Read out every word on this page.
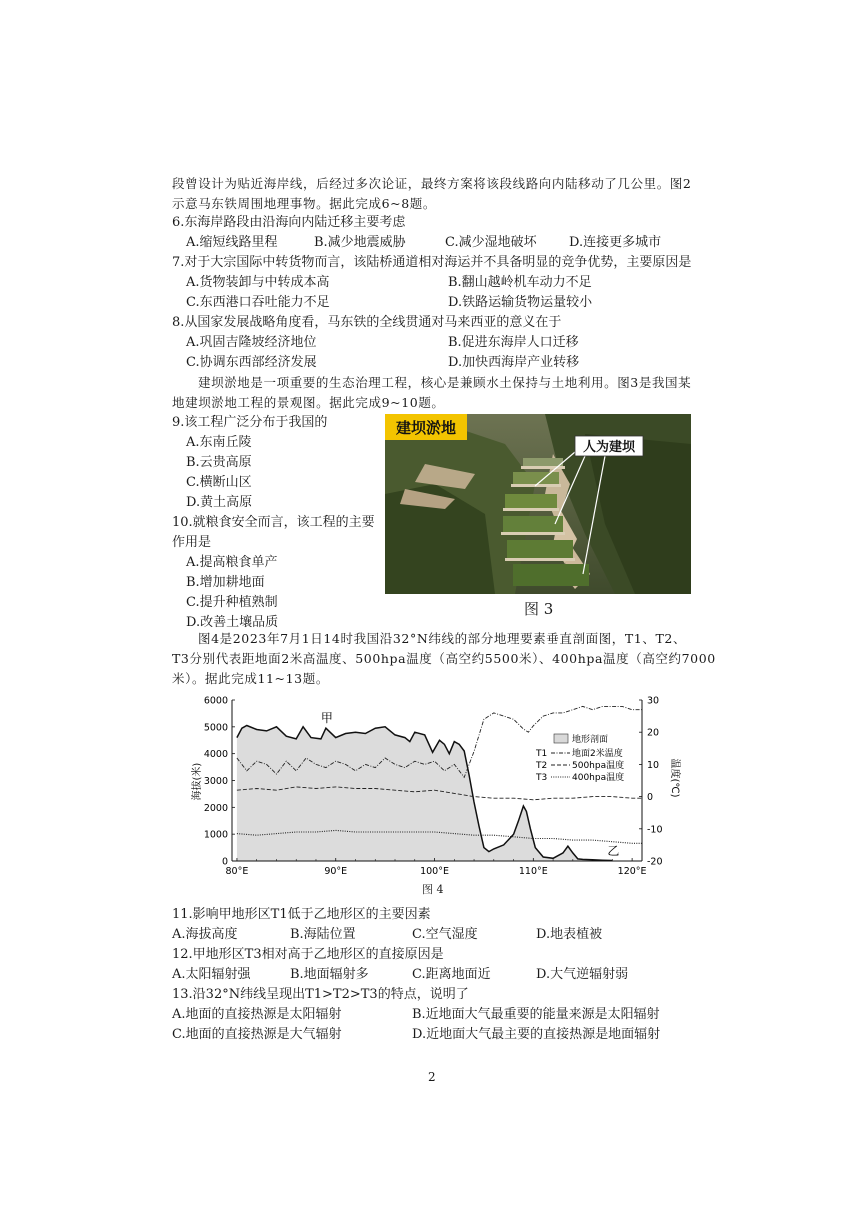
段曾设计为贴近海岸线，后经过多次论证，最终方案将该段线路向内陆移动了几公里。图2
示意马东铁周围地理事物。据此完成6~8题。
6.东海岸路段由沿海向内陆迁移主要考虑
A.缩短线路里程	B.减少地震威胁	C.减少湿地破坏 D.连接更多城市
7.对于大宗国际中转货物而言，该陆桥通道相对海运并不具备明显的竞争优势，主要原因是
A.货物装卸与中转成本高	B.翻山越岭机车动力不足
C.东西港口吞吐能力不足	D.铁路运输货物运量较小
8.从国家发展战略角度看，马东铁的全线贯通对马来西亚的意义在于
A.巩固吉隆坡经济地位	B.促进东海岸人口迁移
C.协调东西部经济发展	D.加快西海岸产业转移
建坝淤地是一项重要的生态治理工程，核心是兼顾水土保持与土地利用。图3是我国某
地建坝淤地工程的景观图。据此完成9~10题。
9.该工程广泛分布于我国的
A.东南丘陵
B.云贵高原
C.横断山区
D.黄土高原
10.就粮食安全而言，该工程的主要
作用是
A.提高粮食单产
B.增加耕地面
C.提升种植熟制
D.改善土壤品质
建坝淤地
人为建坝
图 3
图4是2023年7月1日14时我国沿32°N纬线的部分地理要素垂直剖面图，T1、T2、
T3分别代表距地面2米高温度、500hpa温度（高空约5500米）、400hpa温度（高空约7000
米）。据此完成11~13题。
0
1000
2000
3000
4000
5000
6000
-20
-10
0
10
20
30
80°E	90°E	100°E	110°E	120°E
海拔(米)	温度(℃)
甲
乙
地形剖面
T1	地面2米温度
T2	500hpa温度
T3	400hpa温度
图 4
11.影响甲地形区T1低于乙地形区的主要因素
A.海拔高度	B.海陆位置	C.空气湿度	D.地表植被
12.甲地形区T3相对高于乙地形区的直接原因是
A.太阳辐射强	B.地面辐射多	C.距离地面近	D.大气逆辐射弱
13.沿32°N纬线呈现出T1>T2>T3的特点，说明了
A.地面的直接热源是太阳辐射	B.近地面大气最重要的能量来源是太阳辐射
C.地面的直接热源是大气辐射	D.近地面大气最主要的直接热源是地面辐射
2
